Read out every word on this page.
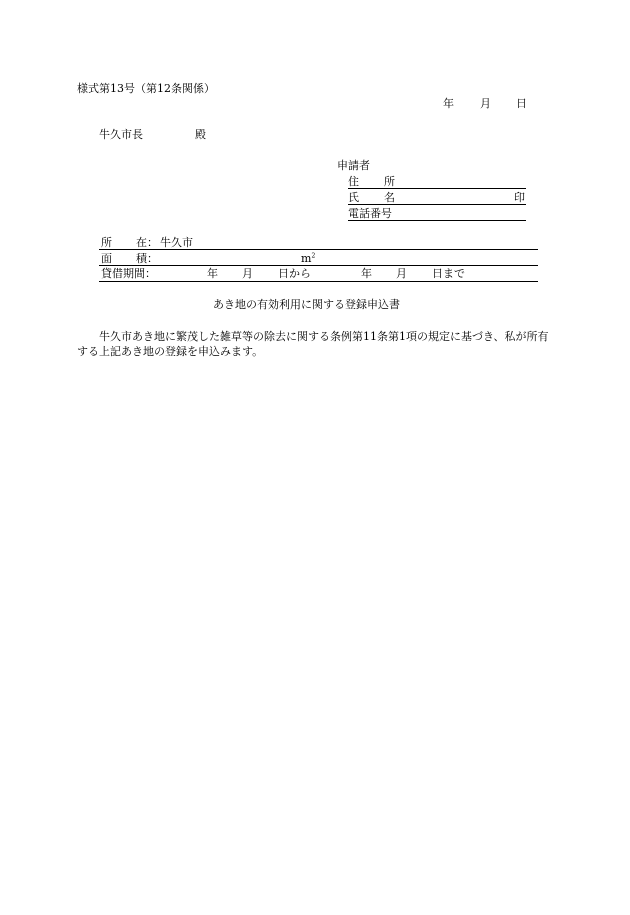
様式第13号（第12条関係）
年 月 日
牛久市長	殿
申請者
住 所
氏 名	印
電話番号
所 在： 牛久市
面 積：	$m^2$
貸借期間：	年 月 日から	年 月 日まで
あき地の有効利用に関する登録申込書
牛久市あき地に繁茂した雑草等の除去に関する条例第11条第1項の規定に基づき、私が所有する上記あき地の登録を申込みます。
